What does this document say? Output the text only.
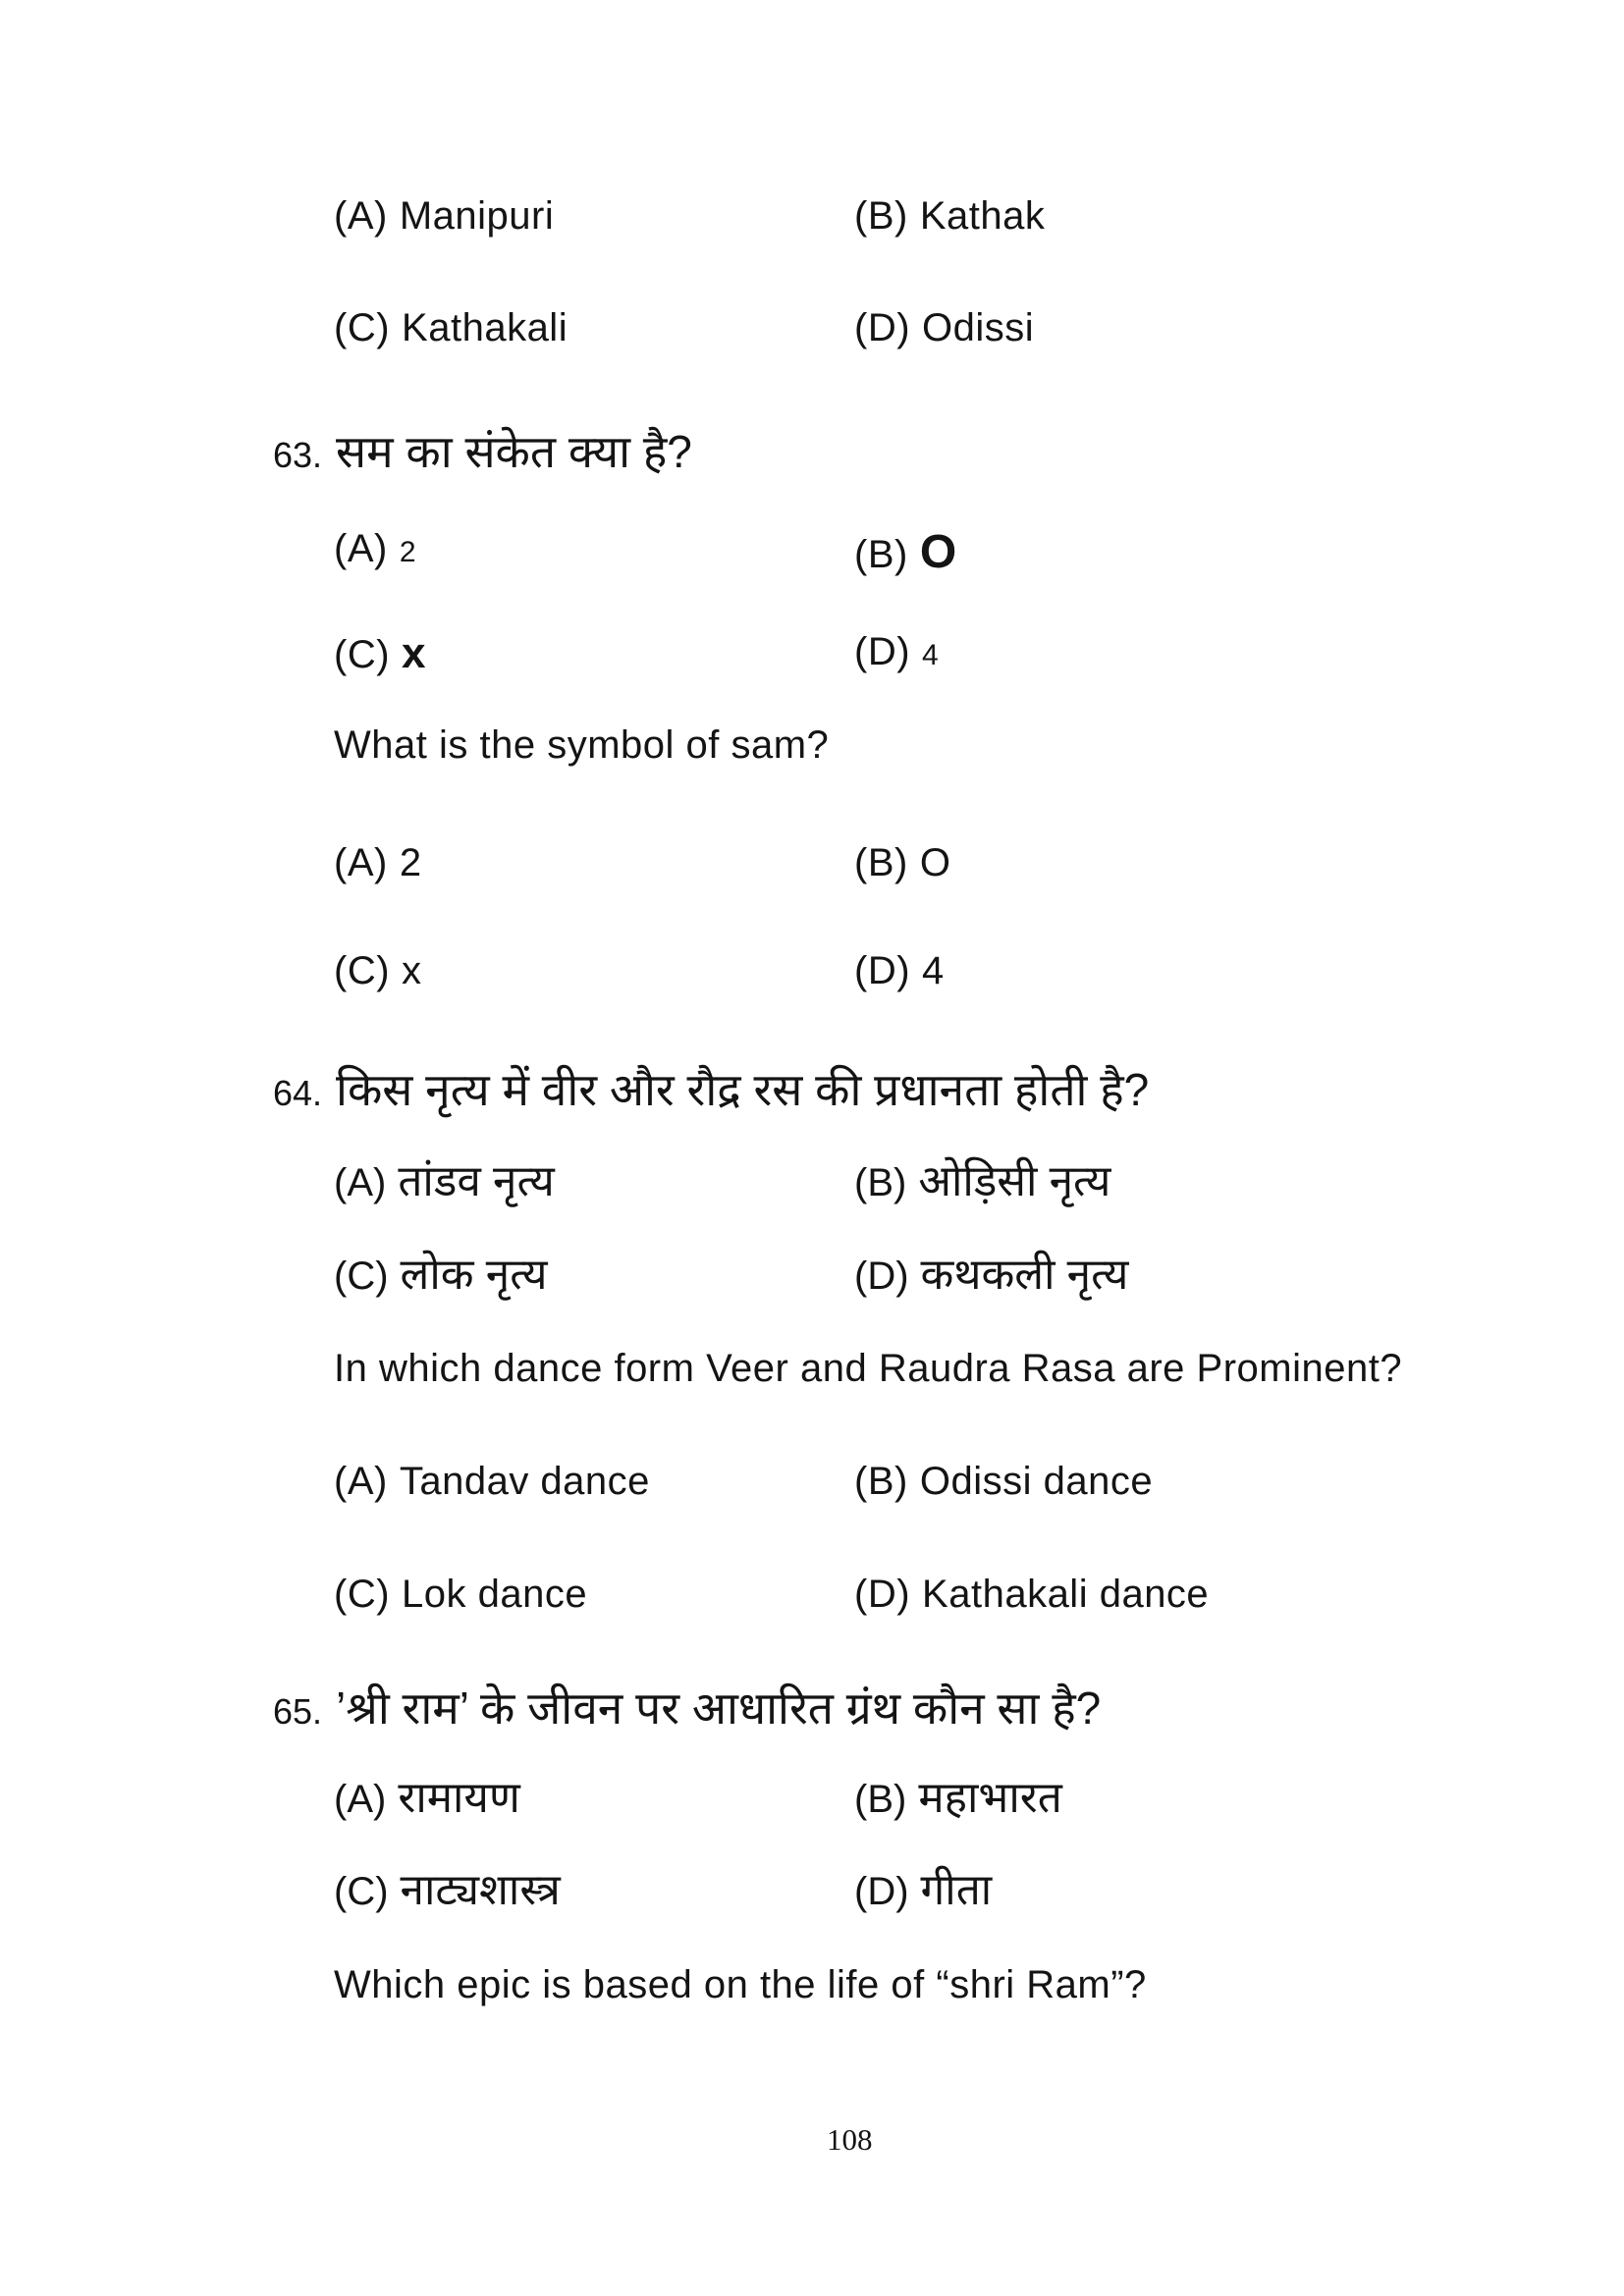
(A) Manipuri	(B) Kathak
(C) Kathakali	(D) Odissi
63. सम का संकेत क्या है?
(A) 2	(B) O
(C) x	(D) 4
What is the symbol of sam?
(A) 2	(B) O
(C) x	(D) 4
64. किस नृत्य में वीर और रौद्र रस की प्रधानता होती है?
(A) तांडव नृत्य	(B) ओड़िसी नृत्य
(C) लोक नृत्य	(D) कथकली नृत्य
In which dance form Veer and Raudra Rasa are Prominent?
(A) Tandav dance	(B) Odissi dance
(C) Lok dance	(D) Kathakali dance
65. ’श्री राम’ के जीवन पर आधारित ग्रंथ कौन सा है?
(A) रामायण	(B) महाभारत
(C) नाट्यशास्त्र	(D) गीता
Which epic is based on the life of “shri Ram”?
108
